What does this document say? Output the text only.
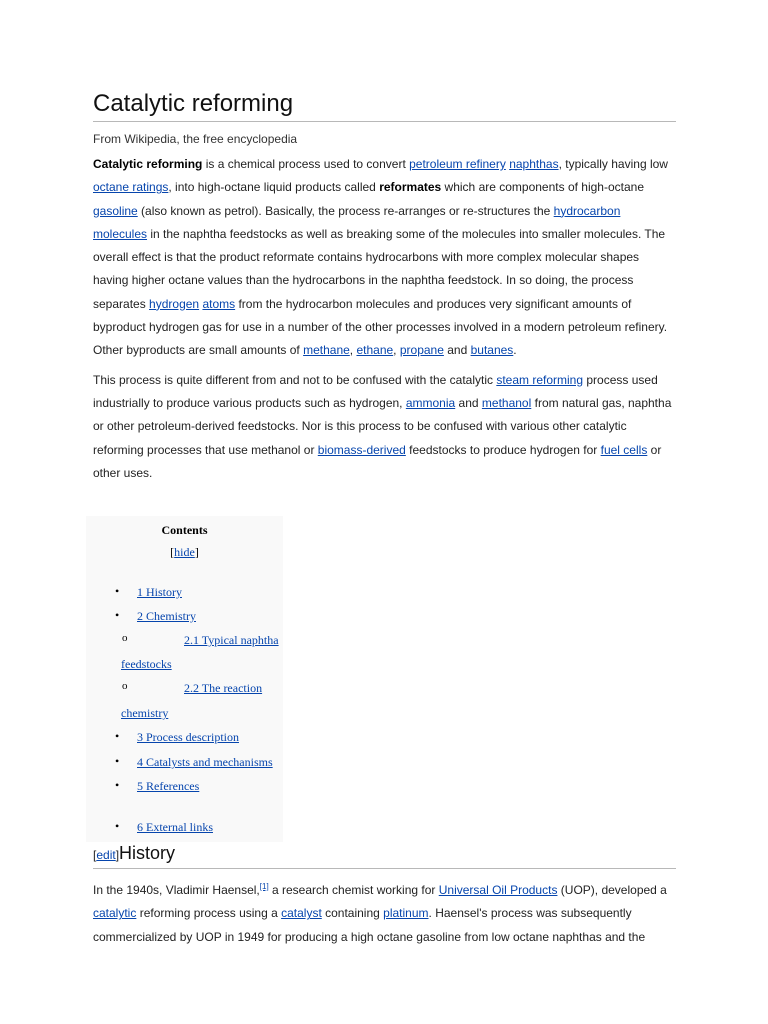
Catalytic reforming
From Wikipedia, the free encyclopedia

Catalytic reforming is a chemical process used to convert petroleum refinery naphthas, typically having low octane ratings, into high-octane liquid products called reformates which are components of high-octane gasoline (also known as petrol). Basically, the process re-arranges or re-structures the hydrocarbon molecules in the naphtha feedstocks as well as breaking some of the molecules into smaller molecules. The overall effect is that the product reformate contains hydrocarbons with more complex molecular shapes having higher octane values than the hydrocarbons in the naphtha feedstock. In so doing, the process separates hydrogen atoms from the hydrocarbon molecules and produces very significant amounts of byproduct hydrogen gas for use in a number of the other processes involved in a modern petroleum refinery. Other byproducts are small amounts of methane, ethane, propane and butanes.

This process is quite different from and not to be confused with the catalytic steam reforming process used industrially to produce various products such as hydrogen, ammonia and methanol from natural gas, naphtha or other petroleum-derived feedstocks. Nor is this process to be confused with various other catalytic reforming processes that use methanol or biomass-derived feedstocks to produce hydrogen for fuel cells or other uses.

Contents
[hide]
• 1 History
• 2 Chemistry
o	2.1 Typical naphtha
feedstocks
o	2.2 The reaction
chemistry
• 3 Process description
• 4 Catalysts and mechanisms
• 5 References
• 6 External links
[edit]History

In the 1940s, Vladimir Haensel,[1] a research chemist working for Universal Oil Products (UOP), developed a catalytic reforming process using a catalyst containing platinum. Haensel's process was subsequently commercialized by UOP in 1949 for producing a high octane gasoline from low octane naphthas and the
